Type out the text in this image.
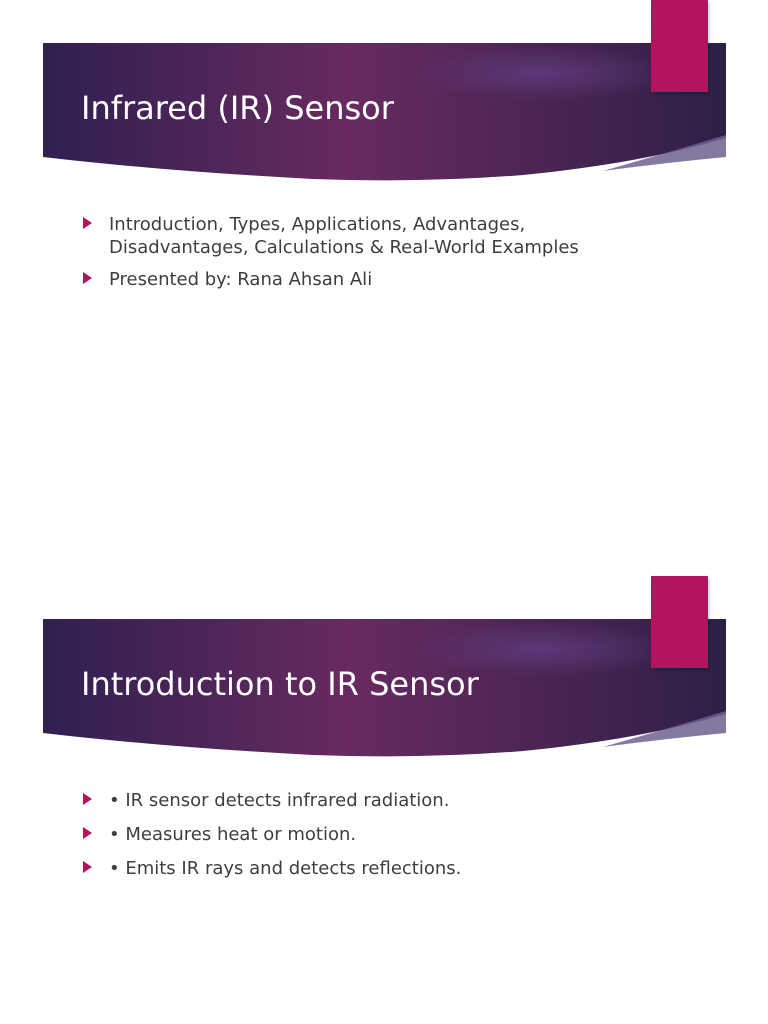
Infrared (IR) Sensor
Introduction, Types, Applications, Advantages, Disadvantages, Calculations & Real-World Examples
Presented by: Rana Ahsan Ali
Introduction to IR Sensor
• IR sensor detects infrared radiation.
• Measures heat or motion.
• Emits IR rays and detects reflections.
